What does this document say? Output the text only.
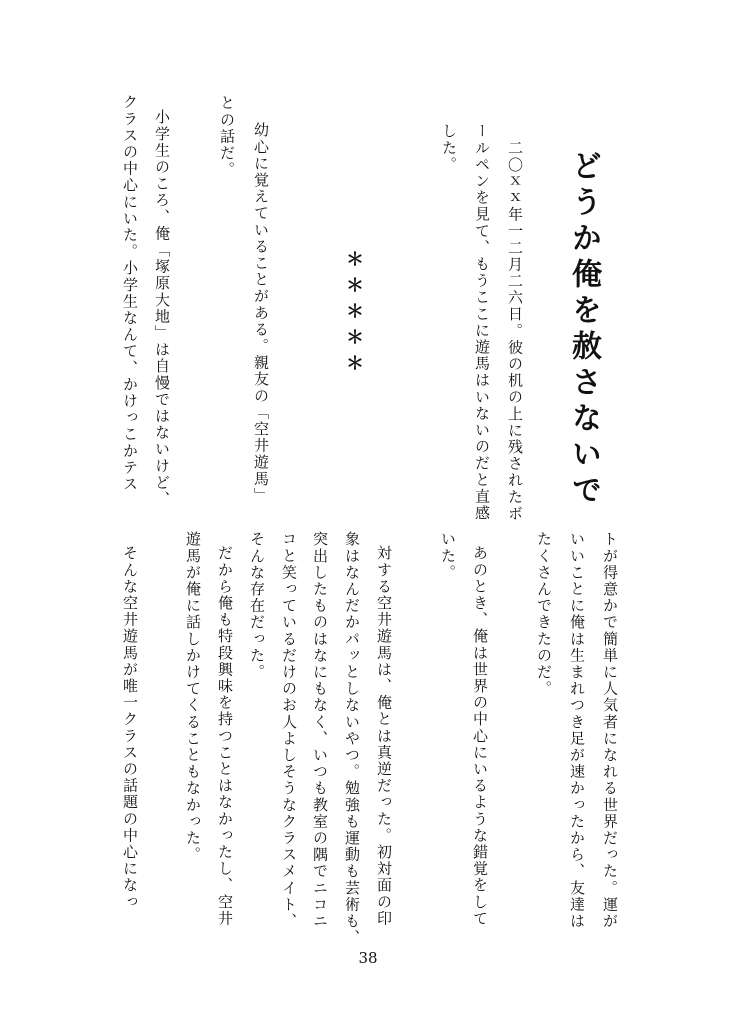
どうか俺を赦さないで
二〇ｘｘ年一二月二六日。彼の机の上に残されたボ
ールペンを見て、もうここに遊馬はいないのだと直感
した。
＊＊＊＊＊
幼心に覚えていることがある。親友の「空井遊馬」
との話だ。
小学生のころ、俺「塚原大地」は自慢ではないけど、
クラスの中心にいた。小学生なんて、かけっこかテス
トが得意かで簡単に人気者になれる世界だった。運が
いいことに俺は生まれつき足が速かったから、友達は
たくさんできたのだ。
あのとき、俺は世界の中心にいるような錯覚をして
いた。
対する空井遊馬は、俺とは真逆だった。初対面の印
象はなんだかパッとしないやつ。勉強も運動も芸術も、
突出したものはなにもなく、いつも教室の隅でニコニ
コと笑っているだけのお人よしそうなクラスメイト、
そんな存在だった。
だから俺も特段興味を持つことはなかったし、空井
遊馬が俺に話しかけてくることもなかった。
そんな空井遊馬が唯一クラスの話題の中心になっ
38
